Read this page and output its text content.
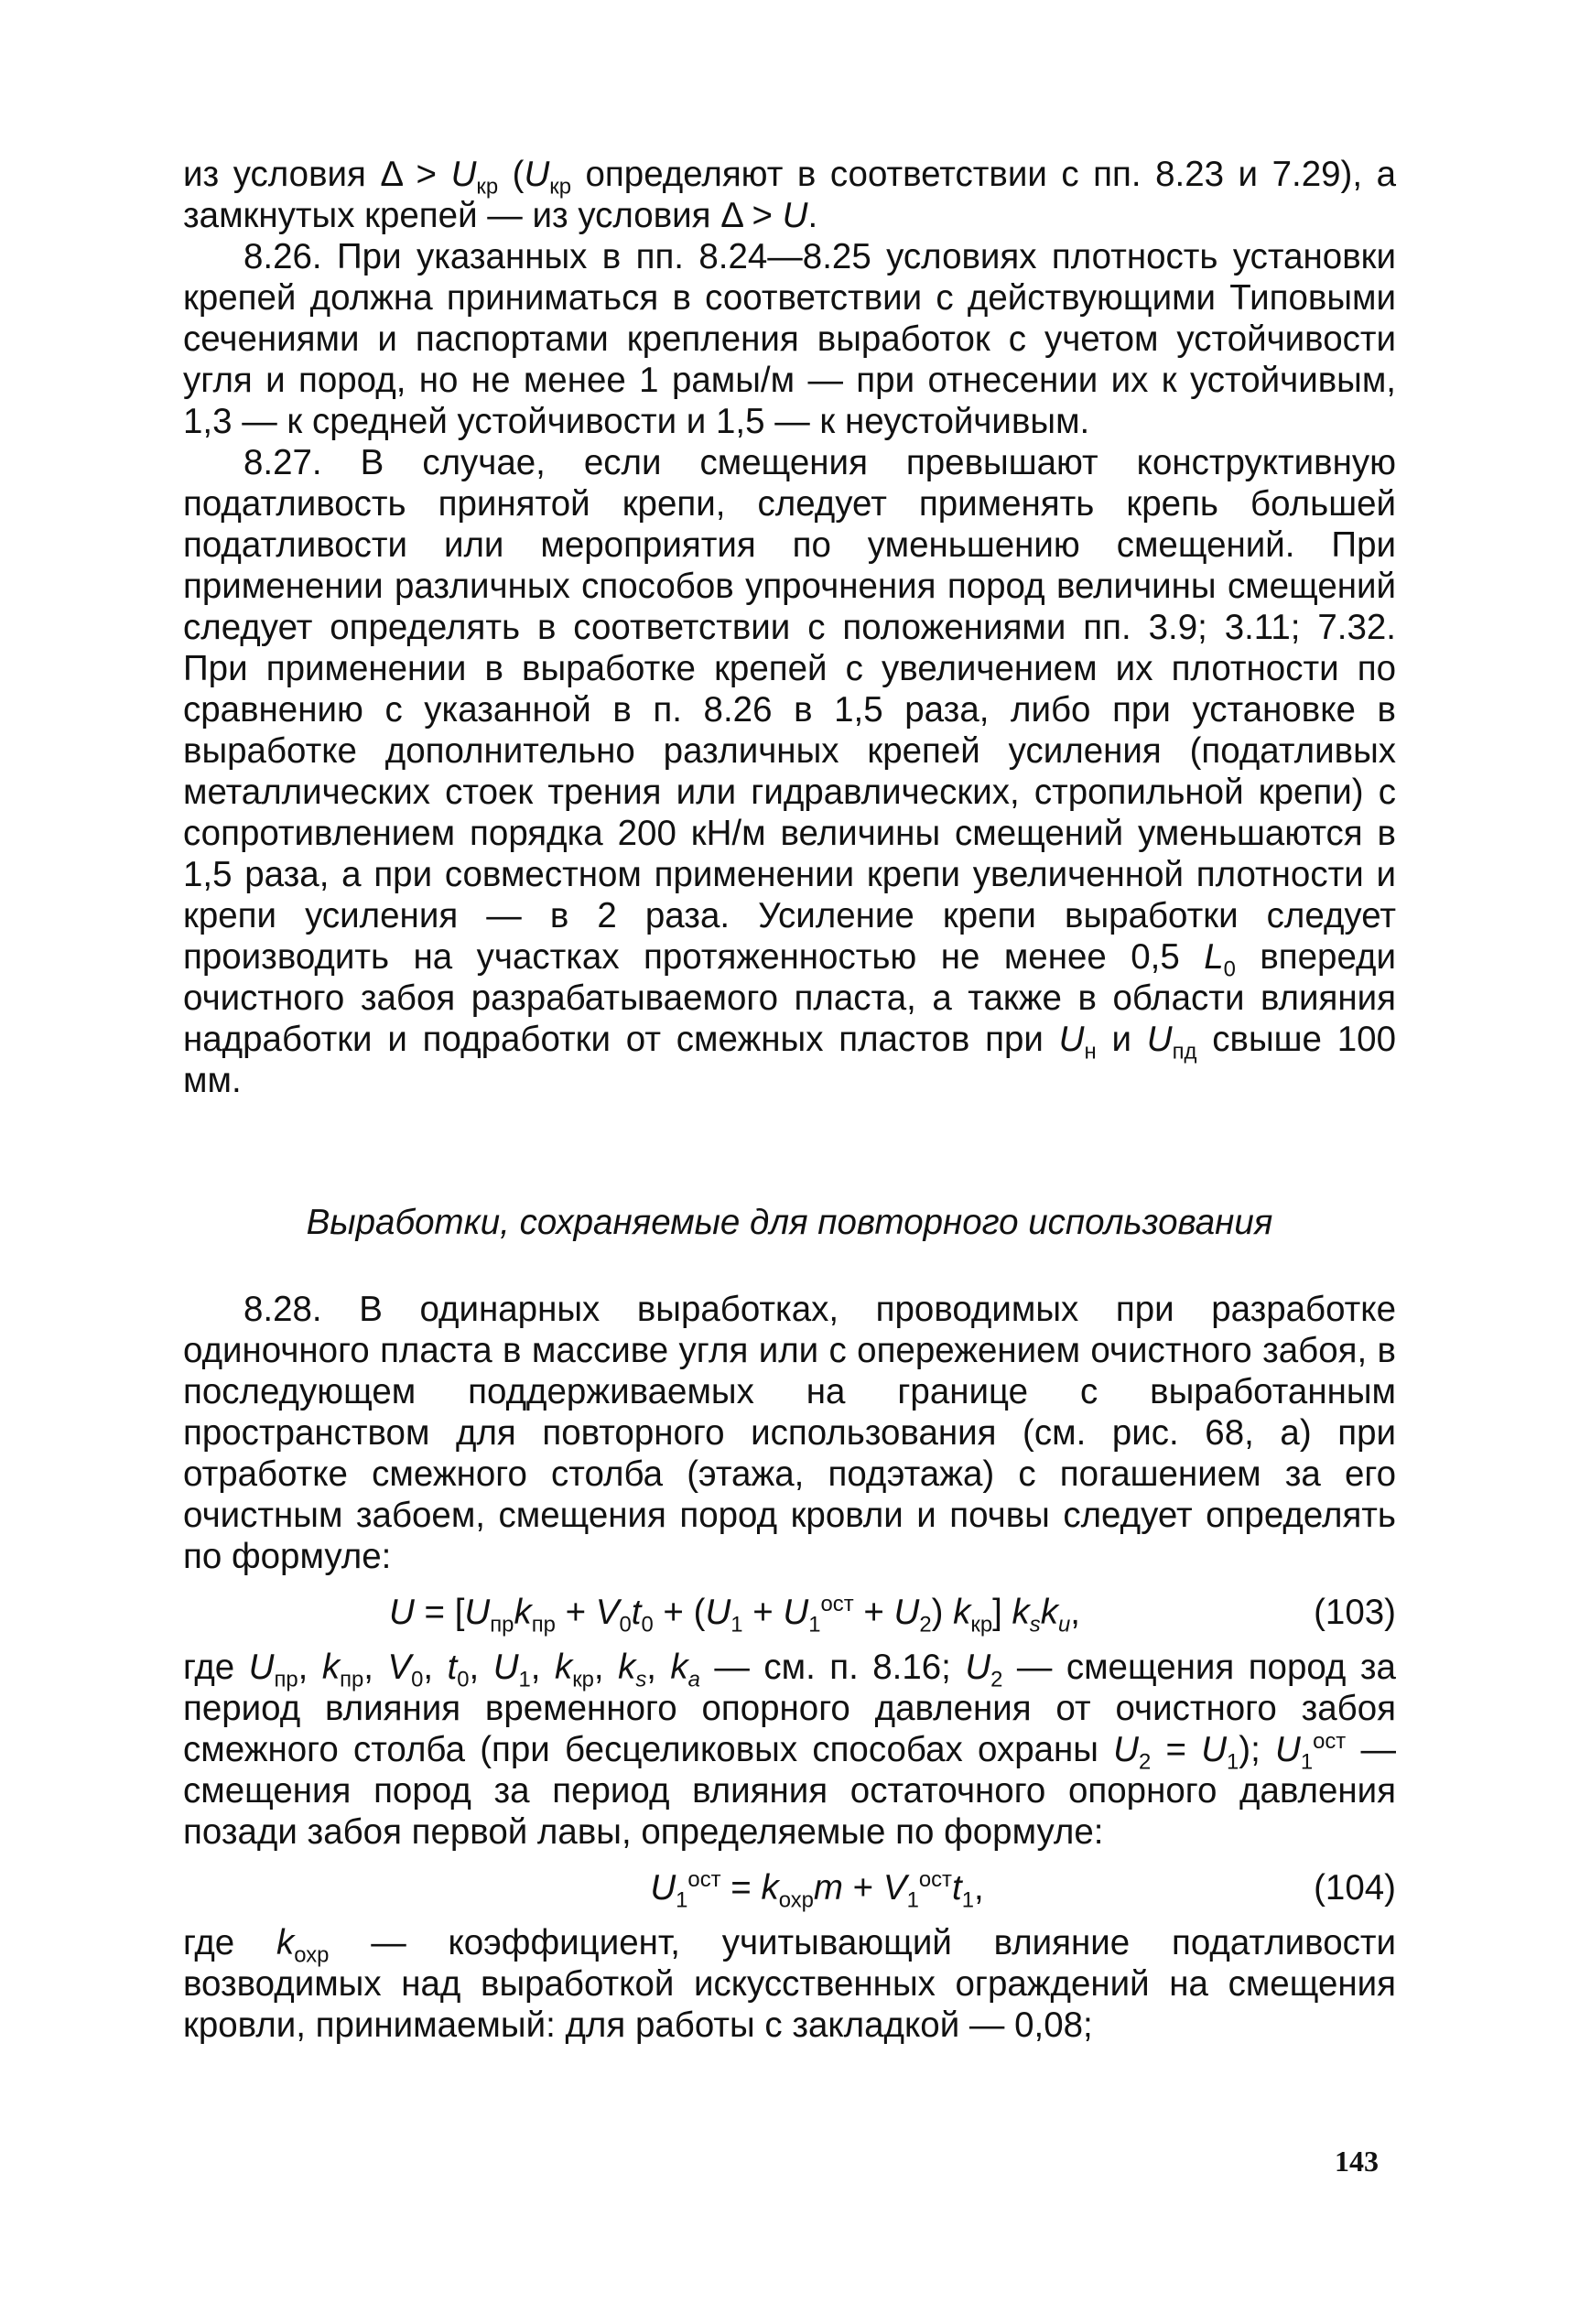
из условия $\Delta > U_{кр}$ ($U_{кр}$ определяют в соответствии с пп. 8.23 и 7.29), а замкнутых крепей — из условия Δ > U.

8.26. При указанных в пп. 8.24—8.25 условиях плотность установки крепей должна приниматься в соответствии с действующими Типовыми сечениями и паспортами крепления выработок с учетом устойчивости угля и пород, но не менее 1 рамы/м — при отнесении их к устойчивым, 1,3 — к средней устойчивости и 1,5 — к неустойчивым.

8.27. В случае, если смещения превышают конструктивную податливость принятой крепи, следует применять крепь большей податливости или мероприятия по уменьшению смещений. При применении различных способов упрочнения пород величины смещений следует определять в соответствии с положениями пп. 3.9; 3.11; 7.32. При применении в выработке крепей с увеличением их плотности по сравнению с указанной в п. 8.26 в 1,5 раза, либо при установке в выработке дополнительно различных крепей усиления (податливых металлических стоек трения или гидравлических, стропильной крепи) с сопротивлением порядка 200 кН/м величины смещений уменьшаются в 1,5 раза, а при совместном применении крепи увеличенной плотности и крепи усиления — в 2 раза. Усиление крепи выработки следует производить на участках протяженностью не менее 0,5 $L_0$ впереди очистного забоя разрабатываемого пласта, а также в области влияния надработки и подработки от смежных пластов при $U_н$ и $U_{пд}$ свыше 100 мм.

Выработки, сохраняемые для повторного использования

8.28. В одинарных выработках, проводимых при разработке одиночного пласта в массиве угля или с опережением очистного забоя, в последующем поддерживаемых на границе с выработанным пространством для повторного использования (см. рис. 68, а) при отработке смежного столба (этажа, подэтажа) с погашением за его очистным забоем, смещения пород кровли и почвы следует определять по формуле:

$U = [U_{пр}k_{пр} + V_0t_0 + (U_1 + U_1^{ост} + U_2)$ $k_{кр}$] $k_sk_u$,	(103)

где $U_{пр}$, $k_{пр}$, $V_0$, $t_0$, $U_1$, $k_{кр}$, $k_s$, $k_a$ — см. п. 8.16; $U_2$ — смещения пород за период влияния временного опорного давления от очистного забоя смежного столба (при бесцеликовых способах охраны $U_2 = U_1$); $U_1^{ост}$ — смещения пород за период влияния остаточного опорного давления позади забоя первой лавы, определяемые по формуле:

$U_1^{ост} = k_{охр}m + V_1^{ост}t_1$,	(104)

где $k_{охр}$ — коэффициент, учитывающий влияние податливости возводимых над выработкой искусственных ограждений на смещения кровли, принимаемый: для работы с закладкой — 0,08;

143
